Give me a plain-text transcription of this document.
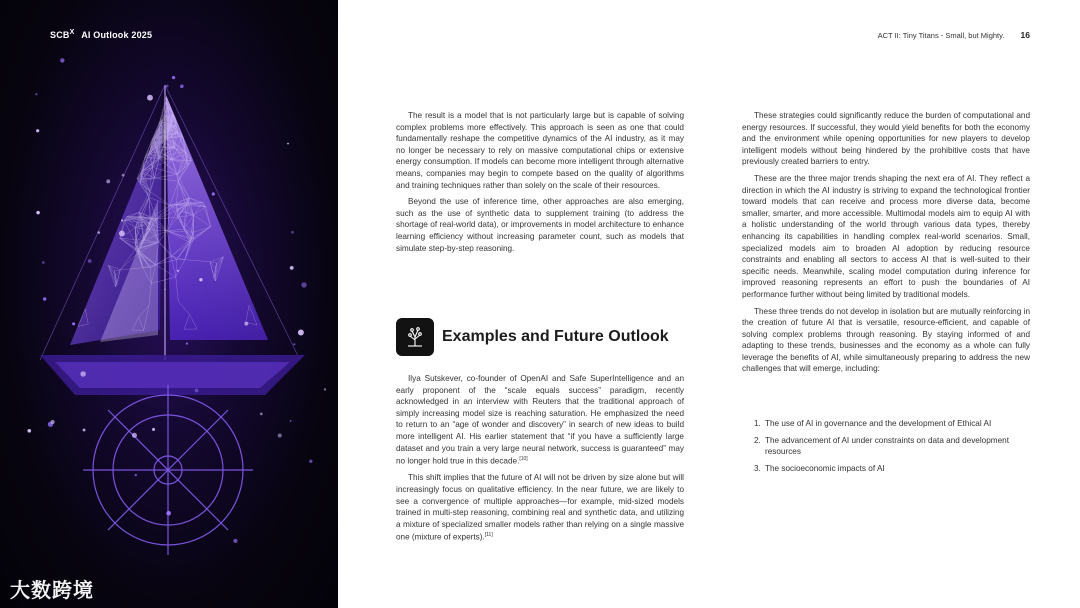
$SCB^X$ AI Outlook 2025
大数跨境
ACT II: Tiny Titans - Small, but Mighty. 16

The result is a model that is not particularly large but is capable of solving complex problems more effectively. This approach is seen as one that could fundamentally reshape the competitive dynamics of the AI industry, as it may no longer be necessary to rely on massive computational chips or extensive energy consumption. If models can become more intelligent through alternative means, companies may begin to compete based on the quality of algorithms and training techniques rather than solely on the scale of their resources.

Beyond the use of inference time, other approaches are also emerging, such as the use of synthetic data to supplement training (to address the shortage of real-world data), or improvements in model architecture to enhance learning efficiency without increasing parameter count, such as models that simulate step-by-step reasoning.

Examples and Future Outlook

Ilya Sutskever, co-founder of OpenAI and Safe SuperIntelligence and an early proponent of the “scale equals success” paradigm, recently acknowledged in an interview with Reuters that the traditional approach of simply increasing model size is reaching saturation. He emphasized the need to return to an “age of wonder and discovery” in search of new ideas to build more intelligent AI. His earlier statement that “if you have a sufficiently large dataset and you train a very large neural network, success is guaranteed” may no longer hold true in this decade.[10]

This shift implies that the future of AI will not be driven by size alone but will increasingly focus on qualitative efficiency. In the near future, we are likely to see a convergence of multiple approaches—for example, mid-sized models trained in multi-step reasoning, combining real and synthetic data, and utilizing a mixture of specialized smaller models rather than relying on a single massive one (mixture of experts).[11]

These strategies could significantly reduce the burden of computational and energy resources. If successful, they would yield benefits for both the economy and the environment while opening opportunities for new players to develop intelligent models without being hindered by the prohibitive costs that have previously created barriers to entry.

These are the three major trends shaping the next era of AI. They reflect a direction in which the AI industry is striving to expand the technological frontier toward models that can receive and process more diverse data, become smaller, smarter, and more accessible. Multimodal models aim to equip AI with a holistic understanding of the world through various data types, thereby enhancing its capabilities in handling complex real-world scenarios. Small, specialized models aim to broaden AI adoption by reducing resource constraints and enabling all sectors to access AI that is well-suited to their specific needs. Meanwhile, scaling model computation during inference for improved reasoning represents an effort to push the boundaries of AI performance further without being limited by traditional models.

These three trends do not develop in isolation but are mutually reinforcing in the creation of future AI that is versatile, resource-efficient, and capable of solving complex problems through reasoning. By staying informed of and adapting to these trends, businesses and the economy as a whole can fully leverage the benefits of AI, while simultaneously preparing to address the new challenges that will emerge, including:

1. The use of AI in governance and the development of Ethical AI
2. The advancement of AI under constraints on data and development resources
3. The socioeconomic impacts of AI
